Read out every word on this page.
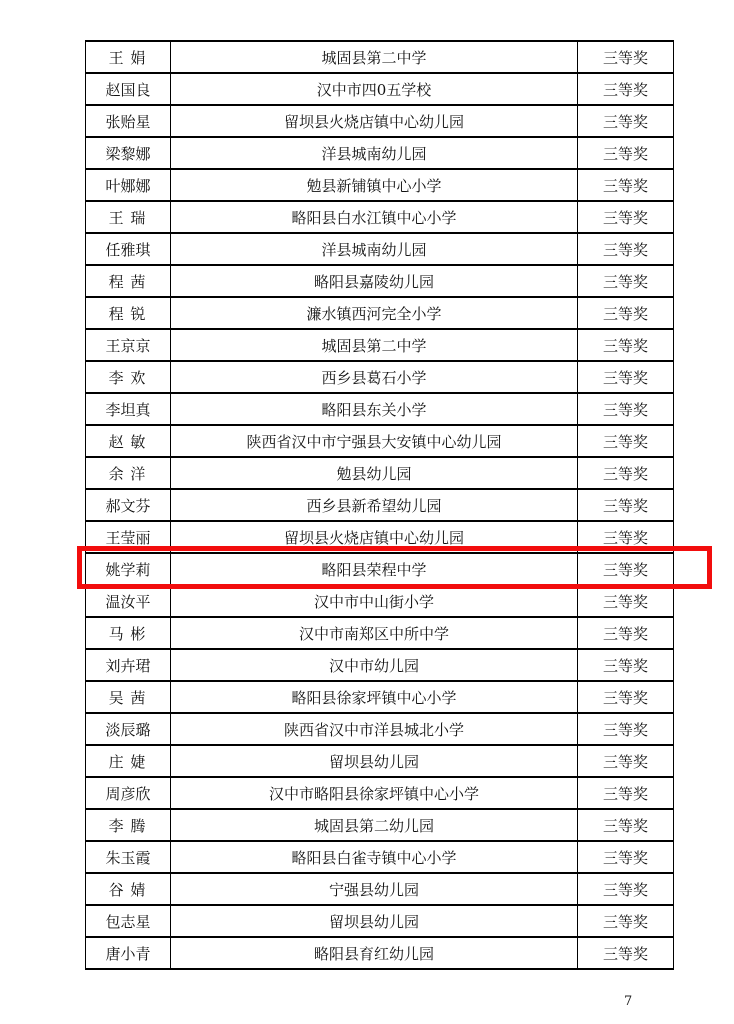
王娟	城固县第二中学	三等奖
赵国良	汉中市四0五学校	三等奖
张贻星	留坝县火烧店镇中心幼儿园	三等奖
梁黎娜	洋县城南幼儿园	三等奖
叶娜娜	勉县新铺镇中心小学	三等奖
王瑞	略阳县白水江镇中心小学	三等奖
任雅琪	洋县城南幼儿园	三等奖
程茜	略阳县嘉陵幼儿园	三等奖
程锐	濂水镇西河完全小学	三等奖
王京京	城固县第二中学	三等奖
李欢	西乡县葛石小学	三等奖
李坦真	略阳县东关小学	三等奖
赵敏	陕西省汉中市宁强县大安镇中心幼儿园	三等奖
余洋	勉县幼儿园	三等奖
郝文芬	西乡县新希望幼儿园	三等奖
王莹丽	留坝县火烧店镇中心幼儿园	三等奖
姚学莉	略阳县荣程中学	三等奖
温汝平	汉中市中山街小学	三等奖
马彬	汉中市南郑区中所中学	三等奖
刘卉珺	汉中市幼儿园	三等奖
吴茜	略阳县徐家坪镇中心小学	三等奖
淡辰璐	陕西省汉中市洋县城北小学	三等奖
庄婕	留坝县幼儿园	三等奖
周彦欣	汉中市略阳县徐家坪镇中心小学	三等奖
李腾	城固县第二幼儿园	三等奖
朱玉霞	略阳县白雀寺镇中心小学	三等奖
谷婧	宁强县幼儿园	三等奖
包志星	留坝县幼儿园	三等奖
唐小青	略阳县育红幼儿园	三等奖
7
